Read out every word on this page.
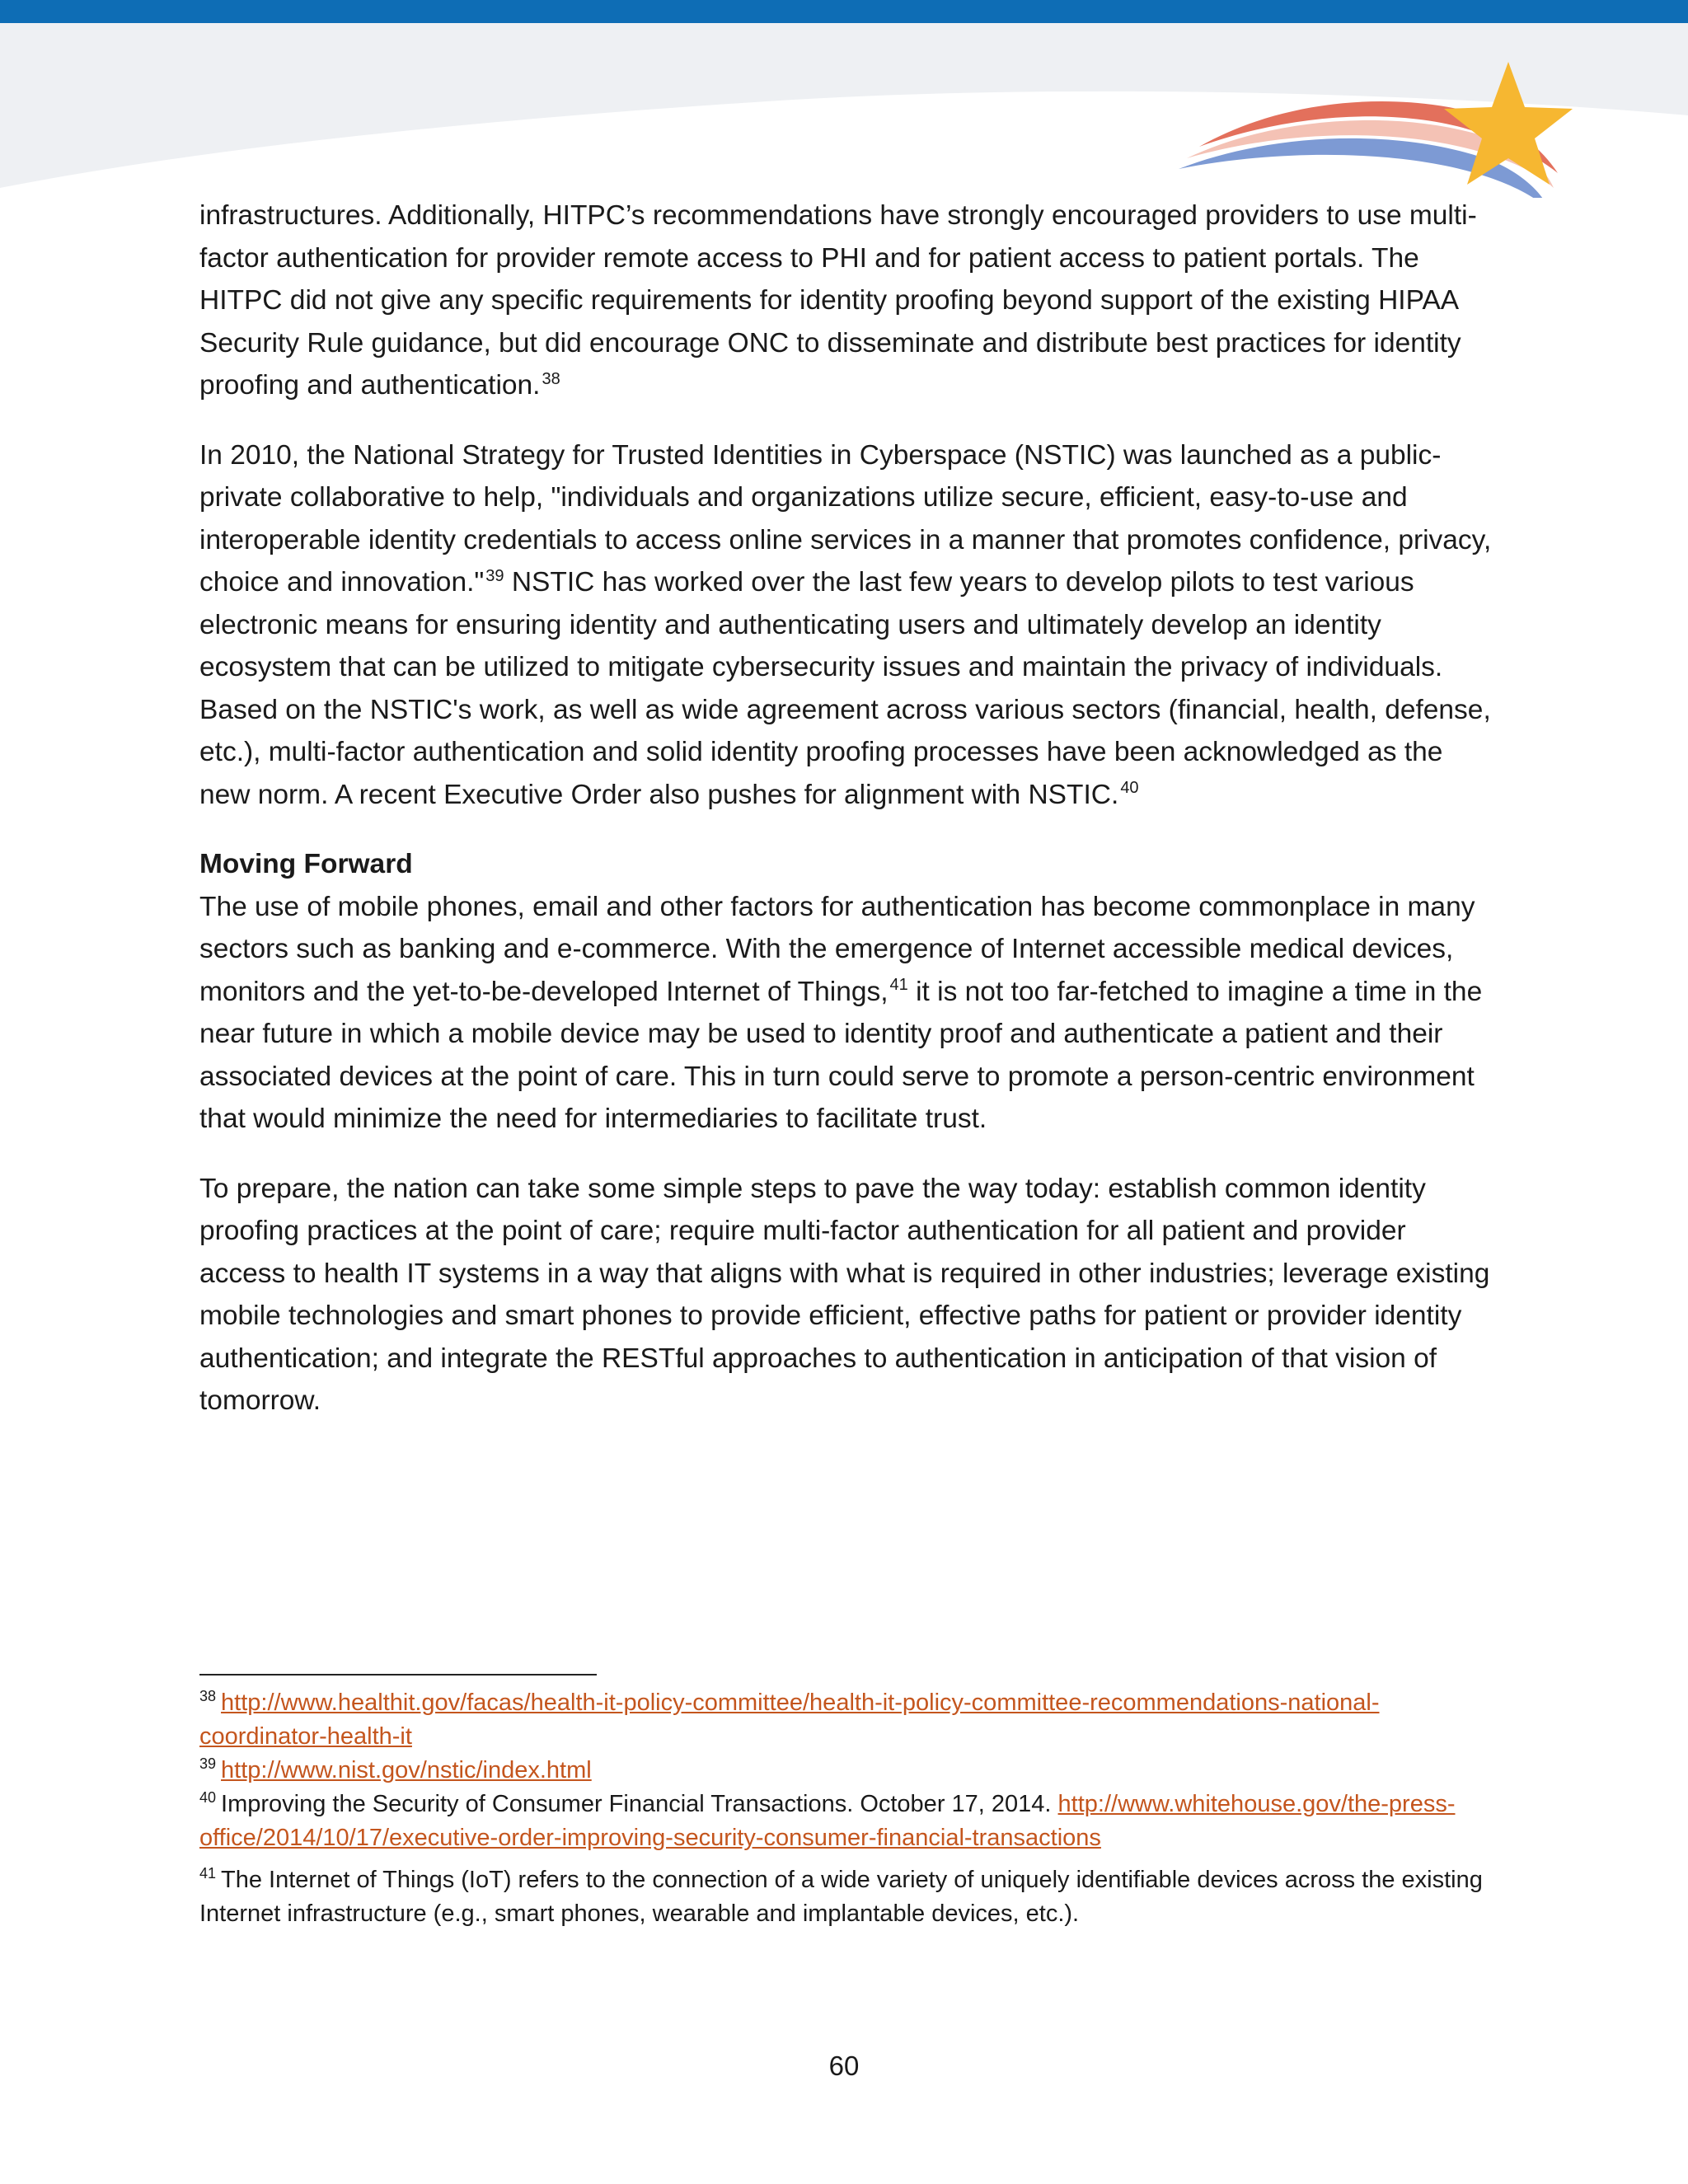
infrastructures. Additionally, HITPC’s recommendations have strongly encouraged providers to use multi-factor authentication for provider remote access to PHI and for patient access to patient portals. The HITPC did not give any specific requirements for identity proofing beyond support of the existing HIPAA Security Rule guidance, but did encourage ONC to disseminate and distribute best practices for identity proofing and authentication. $^{38}$

In 2010, the National Strategy for Trusted Identities in Cyberspace (NSTIC) was launched as a public-private collaborative to help, "individuals and organizations utilize secure, efficient, easy-to-use and interoperable identity credentials to access online services in a manner that promotes confidence, privacy, choice and innovation." $^{39}$ NSTIC has worked over the last few years to develop pilots to test various electronic means for ensuring identity and authenticating users and ultimately develop an identity ecosystem that can be utilized to mitigate cybersecurity issues and maintain the privacy of individuals. Based on the NSTIC's work, as well as wide agreement across various sectors (financial, health, defense, etc.), multi-factor authentication and solid identity proofing processes have been acknowledged as the new norm. A recent Executive Order also pushes for alignment with NSTIC. $^{40}$

Moving Forward

The use of mobile phones, email and other factors for authentication has become commonplace in many sectors such as banking and e-commerce. With the emergence of Internet accessible medical devices, monitors and the yet-to-be-developed Internet of Things, $^{41}$ it is not too far-fetched to imagine a time in the near future in which a mobile device may be used to identity proof and authenticate a patient and their associated devices at the point of care. This in turn could serve to promote a person-centric environment that would minimize the need for intermediaries to facilitate trust.

To prepare, the nation can take some simple steps to pave the way today: establish common identity proofing practices at the point of care; require multi-factor authentication for all patient and provider access to health IT systems in a way that aligns with what is required in other industries; leverage existing mobile technologies and smart phones to provide efficient, effective paths for patient or provider identity authentication; and integrate the RESTful approaches to authentication in anticipation of that vision of tomorrow.

$^{38}$ http://www.healthit.gov/facas/health-it-policy-committee/health-it-policy-committee-recommendations-national-coordinator-health-it

$^{39}$ http://www.nist.gov/nstic/index.html

$^{40}$ Improving the Security of Consumer Financial Transactions. October 17, 2014. http://www.whitehouse.gov/the-press-office/2014/10/17/executive-order-improving-security-consumer-financial-transactions

$^{41}$ The Internet of Things (IoT) refers to the connection of a wide variety of uniquely identifiable devices across the existing Internet infrastructure (e.g., smart phones, wearable and implantable devices, etc.).

60
